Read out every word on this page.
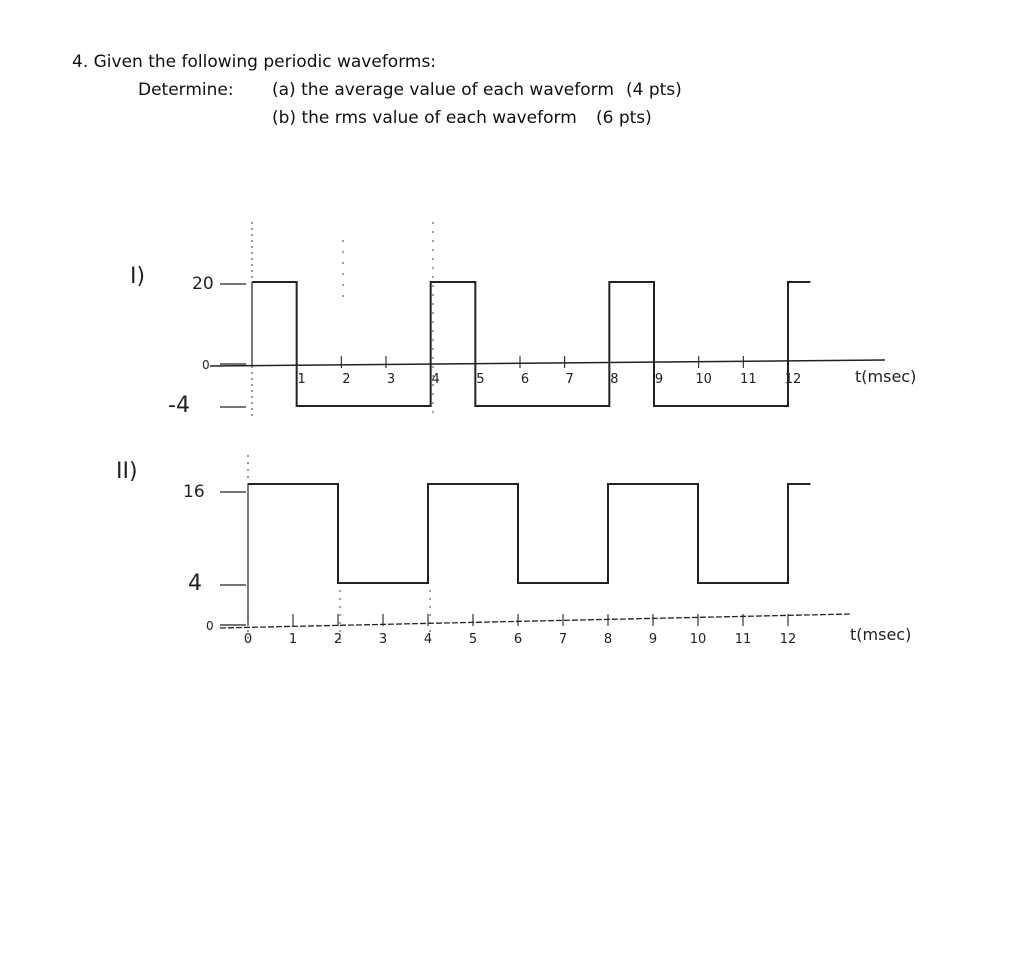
4. Given the following periodic waveforms:
Determine: (a) the average value of each waveform (4 pts)
(b) the rms value of each waveform (6 pts)
I)
t(msec)
20
0
-4
1	2	3	4	5	6	7	8	9 10 11 12
II)
t(msec)
16
4
0
0	1	2	3	4	5	6	7	8	9	10 11 12
